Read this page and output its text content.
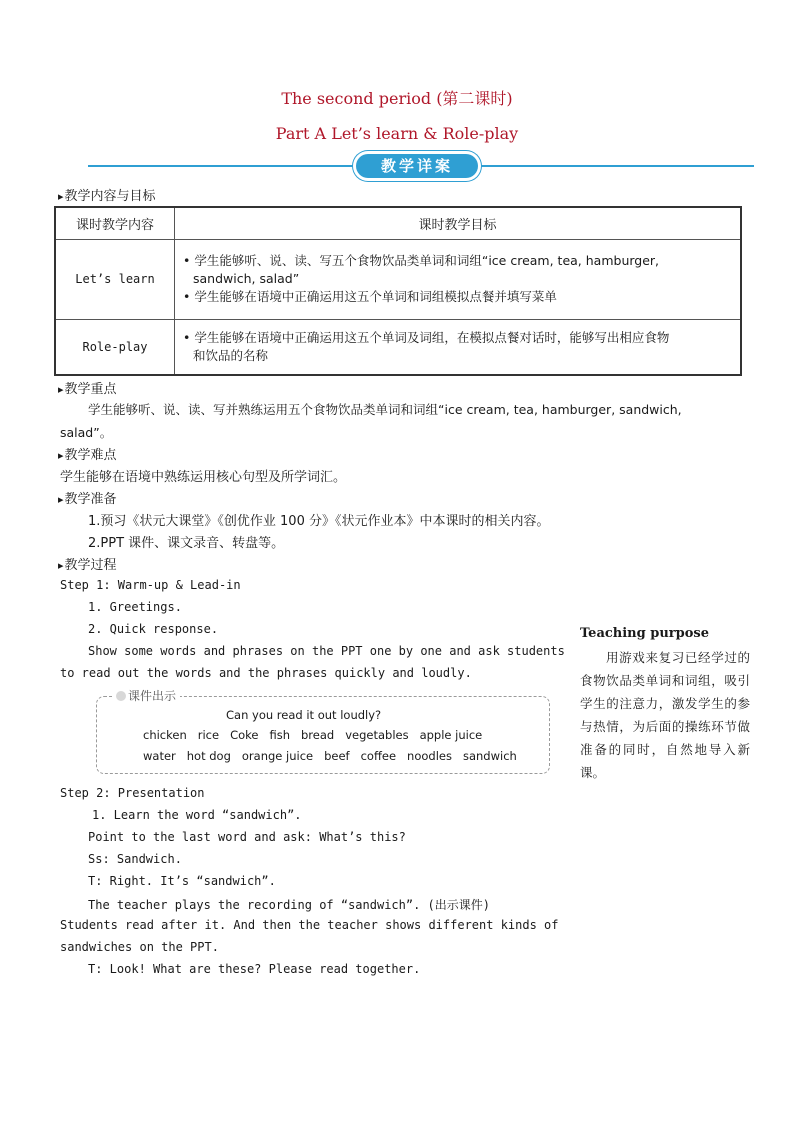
The second period (第二课时)
Part A Let’s learn & Role-play
教学详案
▸ 教学内容与目标
课时教学内容	课时教学目标
Let’s learn	• 学生能够听、说、读、写五个食物饮品类单词和词组“ice cream, tea, hamburger,
sandwich, salad”
• 学生能够在语境中正确运用这五个单词和词组模拟点餐并填写菜单

Role-play	• 学生能够在语境中正确运用这五个单词及词组，在模拟点餐对话时，能够写出相应食物
和饮品的名称
▸ 教学重点
学生能够听、说、读、写并熟练运用五个食物饮品类单词和词组“ice cream, tea, hamburger, sandwich,
salad”。
▸ 教学难点
学生能够在语境中熟练运用核心句型及所学词汇。
▸ 教学准备
1.预习《状元大课堂》《创优作业 100 分》《状元作业本》中本课时的相关内容。
2.PPT 课件、课文录音、转盘等。
▸ 教学过程
Step 1: Warm-up & Lead-in
1. Greetings.
2. Quick response.
Show some words and phrases on the PPT one by one and ask students
to read out the words and the phrases quickly and loudly.
课件出示
Can you read it out loudly?
chicken rice Coke fish bread vegetables apple juice
water hot dog orange juice beef coffee noodles sandwich
Step 2: Presentation
1. Learn the word “sandwich”.
Point to the last word and ask: What’s this?
Ss: Sandwich.
T: Right. It’s “sandwich”.
The teacher plays the recording of “sandwich”. (出示课件)
Students read after it. And then the teacher shows different kinds of
sandwiches on the PPT.
T: Look! What are these? Please read together.
Teaching purpose
用游戏来复习已经学过的食物饮品类单词和词组，吸引学生的注意力，激发学生的参与热情，为后面的操练环节做准备的同时，自然地导入新课。
